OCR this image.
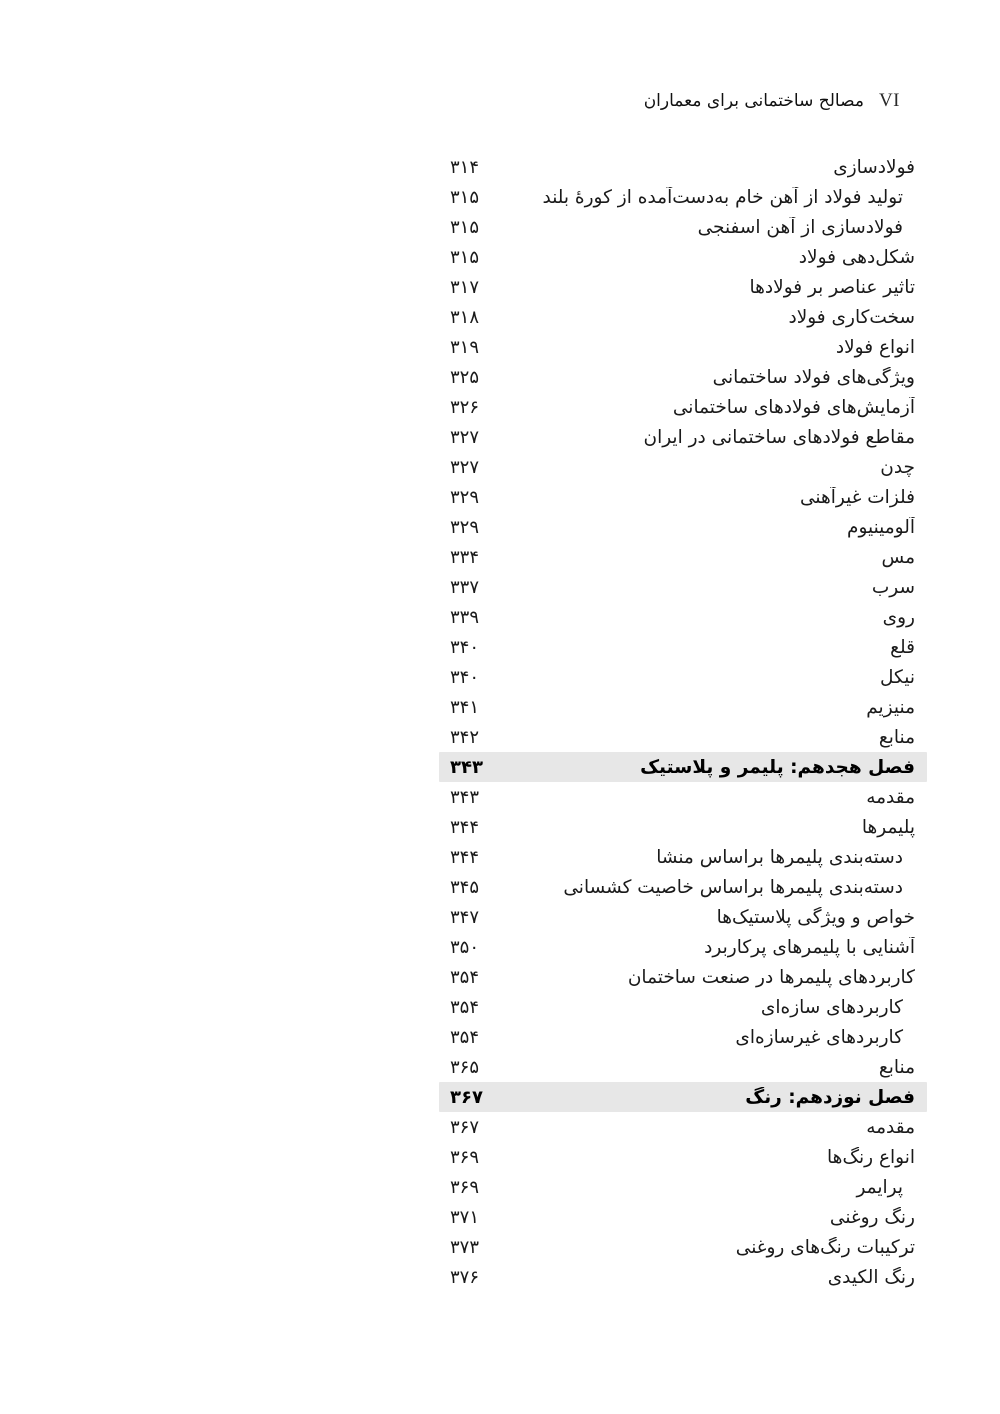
VI
مصالح ساختمانی برای معماران
فولادسازی
۳۱۴
تولید فولاد از آهن خام به‌دست‌آمده از کورهٔ بلند
۳۱۵
فولادسازی از آهن اسفنجی
۳۱۵
شکل‌دهی فولاد
۳۱۵
تاثیر عناصر بر فولادها
۳۱۷
سخت‌کاری فولاد
۳۱۸
انواع فولاد
۳۱۹
ویژگی‌های فولاد ساختمانی
۳۲۵
آزمایش‌های فولادهای ساختمانی
۳۲۶
مقاطع فولادهای ساختمانی در ایران
۳۲۷
چدن
۳۲۷
فلزات غیرآهنی
۳۲۹
آلومینیوم
۳۲۹
مس
۳۳۴
سرب
۳۳۷
روی
۳۳۹
قلع
۳۴۰
نیکل
۳۴۰
منیزیم
۳۴۱
منابع
۳۴۲
فصل هجدهم: پلیمر و پلاستیک
۳۴۳
مقدمه
۳۴۳
پلیمرها
۳۴۴
دسته‌بندی پلیمرها براساس منشا
۳۴۴
دسته‌بندی پلیمرها براساس خاصیت کشسانی
۳۴۵
خواص و ویژگی پلاستیک‌ها
۳۴۷
آشنایی با پلیمرهای پرکاربرد
۳۵۰
کاربردهای پلیمرها در صنعت ساختمان
۳۵۴
کاربردهای سازه‌ای
۳۵۴
کاربردهای غیرسازه‌ای
۳۵۴
منابع
۳۶۵
فصل نوزدهم: رنگ
۳۶۷
مقدمه
۳۶۷
انواع رنگ‌ها
۳۶۹
پرایمر
۳۶۹
رنگ روغنی
۳۷۱
ترکیبات رنگ‌های روغنی
۳۷۳
رنگ الکیدی
۳۷۶
